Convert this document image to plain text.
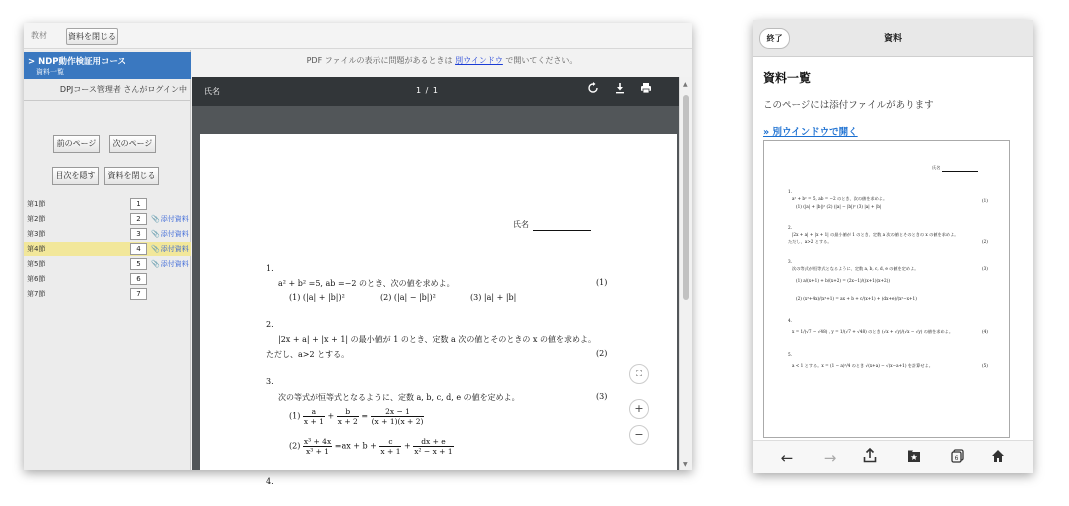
教材	資料を閉じる
> NDP動作検証用コース
資料一覧
DPJコース管理者 さんがログイン中
前のページ	次のページ
目次を隠す	資料を閉じる
第1節	1
第2節	2	📎添付資料
第3節	3	📎添付資料
第4節	4	📎添付資料
第5節	5	📎添付資料
第6節	6
第7節	7
PDF ファイルの表示に問題があるときは 別ウインドウ で開いてください。
氏名	1 / 1
氏名
1.
a² + b² =5, ab =−2 のとき、次の値を求めよ。	(1)
(1) (|a| + |b|)²	(2) (|a| − |b|)²	(3) |a| + |b|
2.
|2x + a| + |x + 1| の最小値が 1 のとき、定数 a 次の値とそのときの x の値を求めよ。
ただし、a>2 とする。	(2)
3.
次の等式が恒等式となるように、定数 a, b, c, d, e の値を定めよ。	(3)
$(1) \frac{a}{x + 1} + \frac{b}{x + 2} = \frac{2x - 1}{(x + 1)(x + 2)}$
$(2) \frac{\text{x³ + 4x}}{\text{x³ + 1}} =ax + b + \frac{c}{x + 1} + \frac{dx + e}{\text{x² − x + 1}}$
4.
⛶
+
−
▲
▼
終了	資料
資料一覧
このページには添付ファイルがあります
» 別ウインドウで開く
氏名
1.
a² + b² = 5, ab = −2 のとき、次の値を求めよ。
(1) (|a| + |b|)² (2) (|a| − |b|)² (3) |a| + |b|
(1)
2.
|2x + a| + |x + 1| の最小値が 1 のとき、定数 a 次の値とそのときの x の値を求めよ。
ただし、a>2 とする。	(2)
3.
次の等式が恒等式となるように、定数 a, b, c, d, e の値を定めよ。	(3)
(1) a/(x+1) + b/(x+2) = (2x−1)/((x+1)(x+2))
(2) (x³+4x)/(x³+1) = ax + b + c/(x+1) + (dx+e)/(x²−x+1)
4.
x = 1/(√7 − √48) , y = 1/(√7 + √48) のとき (√x + √y)/(√x − √y) の値を求めよ。	(4)
5.
a < 1 とする。x = (1 − a)²/4 のとき √(x+a) − √(x−a+1) を計算せよ。	(5)
←	→	6
